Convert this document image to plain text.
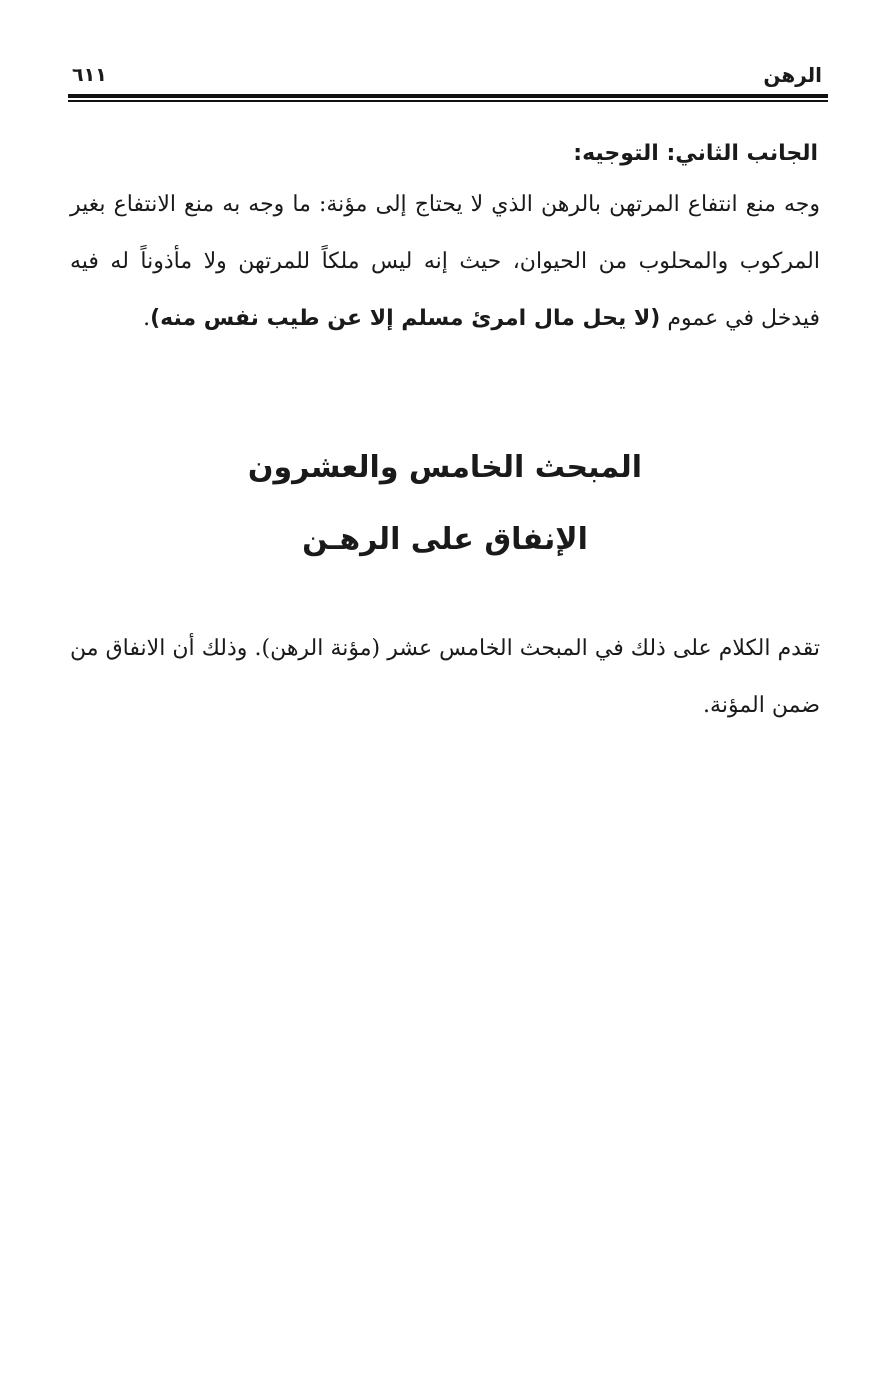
الرهن
٦١١

الجانب الثاني: التوجيه:

وجه منع انتفاع المرتهن بالرهن الذي لا يحتاج إلى مؤنة: ما وجه به منع الانتفاع بغير المركوب والمحلوب من الحيوان، حيث إنه ليس ملكاً للمرتهن ولا مأذوناً له فيه فيدخل في عموم (لا يحل مال امرئ مسلم إلا عن طيب نفس منه).

المبحث الخامس والعشرون
الإنفاق على الرهـن

تقدم الكلام على ذلك في المبحث الخامس عشر (مؤنة الرهن). وذلك أن الانفاق من ضمن المؤنة.
